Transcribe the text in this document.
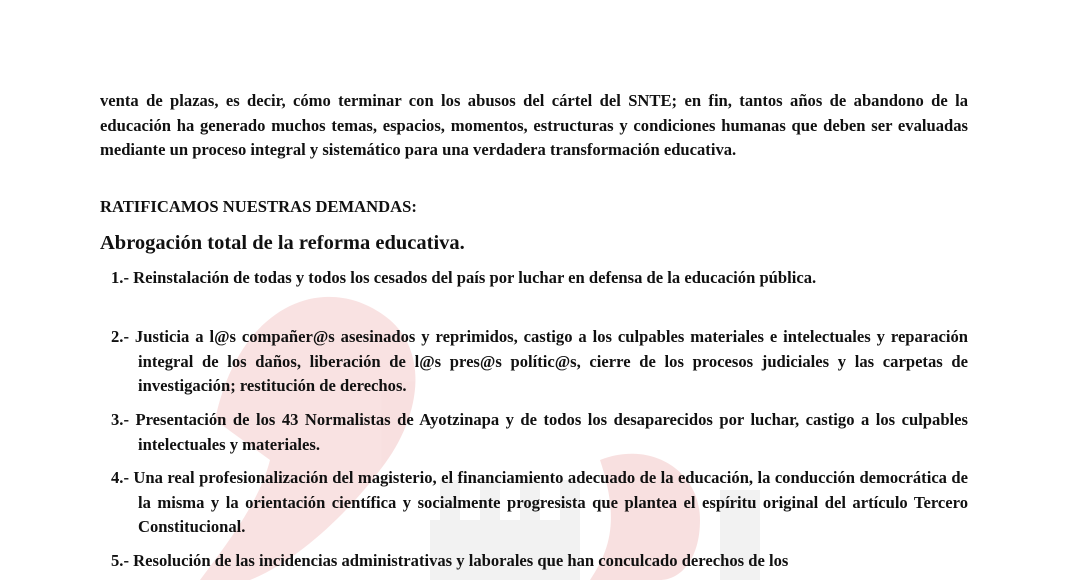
venta de plazas, es decir, cómo terminar con los abusos del cártel del SNTE; en fin, tantos años de abandono de la educación ha generado muchos temas, espacios, momentos, estructuras y condiciones humanas que deben ser evaluadas mediante un proceso integral y sistemático para una verdadera transformación educativa.

RATIFICAMOS NUESTRAS DEMANDAS:

Abrogación total de la reforma educativa.

1.- Reinstalación de todas y todos los cesados del país por luchar en defensa de la educación pública.

2.- Justicia a l@s compañer@s asesinados y reprimidos, castigo a los culpables materiales e intelectuales y reparación integral de los daños, liberación de l@s pres@s polític@s, cierre de los procesos judiciales y las carpetas de investigación; restitución de derechos.

3.- Presentación de los 43 Normalistas de Ayotzinapa y de todos los desaparecidos por luchar, castigo a los culpables intelectuales y materiales.

4.- Una real profesionalización del magisterio, el financiamiento adecuado de la educación, la conducción democrática de la misma y la orientación científica y socialmente progresista que plantea el espíritu original del artículo Tercero Constitucional.

5.- Resolución de las incidencias administrativas y laborales que han conculcado derechos de los
